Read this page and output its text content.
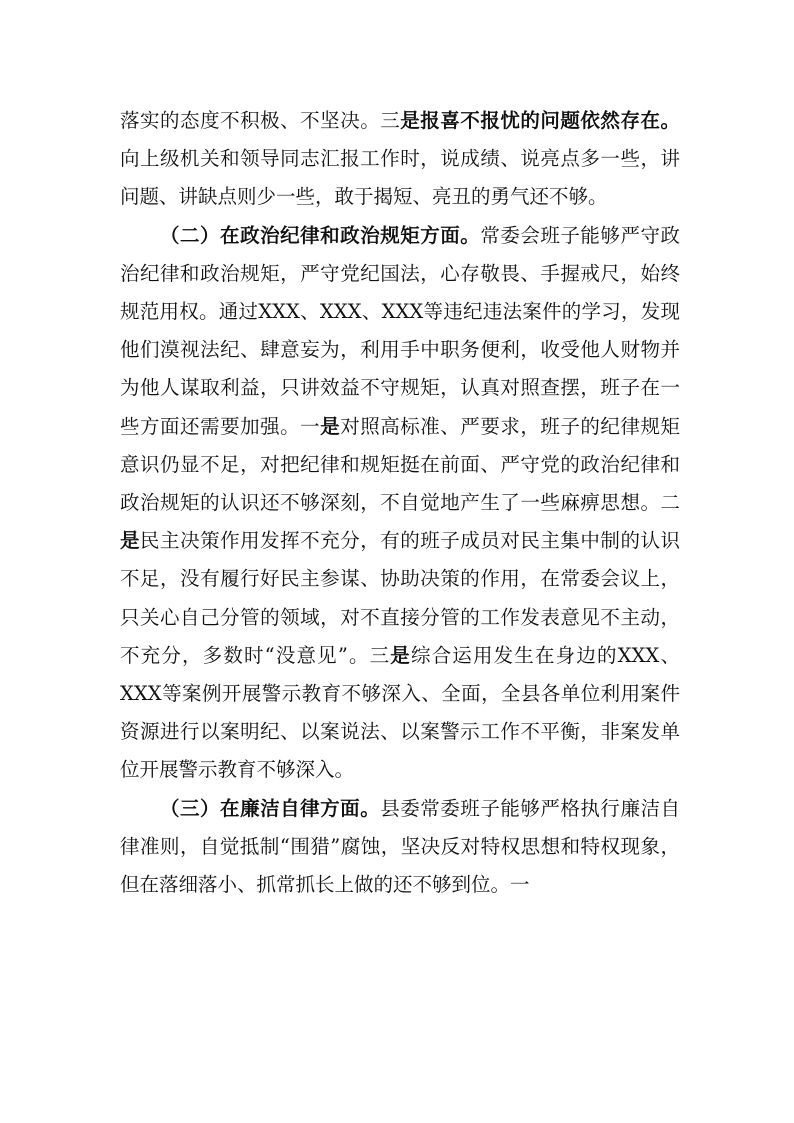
落实的态度不积极、不坚决。三是报喜不报忧的问题依然存在。向上级机关和领导同志汇报工作时，说成绩、说亮点多一些，讲问题、讲缺点则少一些，敢于揭短、亮丑的勇气还不够。

（二）在政治纪律和政治规矩方面。常委会班子能够严守政治纪律和政治规矩，严守党纪国法，心存敬畏、手握戒尺，始终规范用权。通过XXX、XXX、XXX等违纪违法案件的学习，发现他们漠视法纪、肆意妄为，利用手中职务便利，收受他人财物并为他人谋取利益，只讲效益不守规矩，认真对照查摆，班子在一些方面还需要加强。一是对照高标准、严要求，班子的纪律规矩意识仍显不足，对把纪律和规矩挺在前面、严守党的政治纪律和政治规矩的认识还不够深刻，不自觉地产生了一些麻痹思想。二是民主决策作用发挥不充分，有的班子成员对民主集中制的认识不足，没有履行好民主参谋、协助决策的作用，在常委会议上，只关心自己分管的领域，对不直接分管的工作发表意见不主动，不充分，多数时“没意见”。三是综合运用发生在身边的XXX、XXX等案例开展警示教育不够深入、全面，全县各单位利用案件资源进行以案明纪、以案说法、以案警示工作不平衡，非案发单位开展警示教育不够深入。

（三）在廉洁自律方面。县委常委班子能够严格执行廉洁自律准则，自觉抵制“围猎”腐蚀，坚决反对特权思想和特权现象，但在落细落小、抓常抓长上做的还不够到位。一
